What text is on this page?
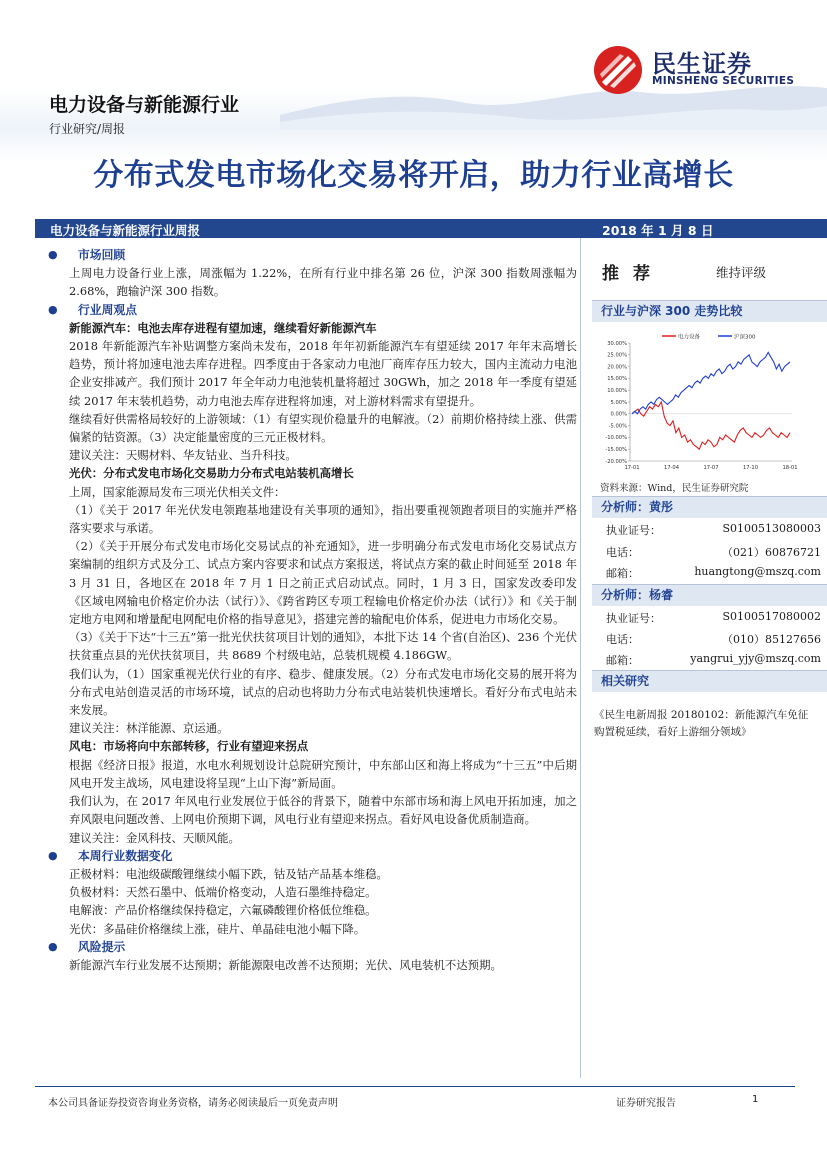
电力设备与新能源行业
行业研究/周报
民生证券
MINSHENG SECURITIES
分布式发电市场化交易将开启，助力行业高增长
电力设备与新能源行业周报	2018 年 1 月 8 日
● 市场回顾
上周电力设备行业上涨，周涨幅为 1.22%，在所有行业中排名第 26 位，沪深 300 指数周涨幅为 2.68%，跑输沪深 300 指数。
● 行业周观点
新能源汽车：电池去库存进程有望加速，继续看好新能源汽车
2018 年新能源汽车补贴调整方案尚未发布，2018 年年初新能源汽车有望延续 2017 年年末高增长趋势，预计将加速电池去库存进程。四季度由于各家动力电池厂商库存压力较大，国内主流动力电池企业安排减产。我们预计 2017 年全年动力电池装机量将超过 30GWh，加之 2018 年一季度有望延续 2017 年末装机趋势，动力电池去库存进程将加速，对上游材料需求有望提升。
继续看好供需格局较好的上游领域：（1）有望实现价稳量升的电解液。（2）前期价格持续上涨、供需偏紧的钴资源。（3）决定能量密度的三元正极材料。
建议关注：天赐材料、华友钴业、当升科技。
光伏：分布式发电市场化交易助力分布式电站装机高增长
上周，国家能源局发布三项光伏相关文件：
（1）《关于 2017 年光伏发电领跑基地建设有关事项的通知》，指出要重视领跑者项目的实施并严格落实要求与承诺。
（2）《关于开展分布式发电市场化交易试点的补充通知》，进一步明确分布式发电市场化交易试点方案编制的组织方式及分工、试点方案内容要求和试点方案报送，将试点方案的截止时间延至 2018 年 3 月 31 日，各地区在 2018 年 7 月 1 日之前正式启动试点。同时，1 月 3 日，国家发改委印发《区域电网输电价格定价办法（试行）》、《跨省跨区专项工程输电价格定价办法（试行）》和《关于制定地方电网和增量配电网配电价格的指导意见》，搭建完善的输配电价体系，促进电力市场化交易。
（3）《关于下达“十三五”第一批光伏扶贫项目计划的通知》，本批下达 14 个省(自治区)、236 个光伏扶贫重点县的光伏扶贫项目，共 8689 个村级电站，总装机规模 4.186GW。
我们认为，（1）国家重视光伏行业的有序、稳步、健康发展。（2）分布式发电市场化交易的展开将为分布式电站创造灵活的市场环境，试点的启动也将助力分布式电站装机快速增长。看好分布式电站未来发展。
建议关注：林洋能源、京运通。
风电：市场将向中东部转移，行业有望迎来拐点
根据《经济日报》报道，水电水利规划设计总院研究预计，中东部山区和海上将成为“十三五”中后期风电开发主战场，风电建设将呈现“上山下海”新局面。
我们认为，在 2017 年风电行业发展位于低谷的背景下，随着中东部市场和海上风电开拓加速，加之弃风限电问题改善、上网电价预期下调，风电行业有望迎来拐点。看好风电设备优质制造商。
建议关注：金风科技、天顺风能。
● 本周行业数据变化
正极材料：电池级碳酸锂继续小幅下跌，钴及钴产品基本维稳。
负极材料：天然石墨中、低端价格变动，人造石墨维持稳定。
电解液：产品价格继续保持稳定，六氟磷酸锂价格低位维稳。
光伏：多晶硅价格继续上涨，硅片、单晶硅电池小幅下降。
● 风险提示
新能源汽车行业发展不达预期；新能源限电改善不达预期；光伏、风电装机不达预期。
推荐	维持评级
行业与沪深 300 走势比较
电力设备	沪深300
30.00%
25.00%
20.00%
15.00%
10.00%
5.00%
0.00%
-5.00%
-10.00%
-15.00%
-20.00%
17-01	17-04	17-07	17-10	18-01
资料来源：Wind，民生证券研究院
分析师：黄彤
执业证号：	S0100513080003
电话：	（021）60876721
邮箱：	huangtong@mszq.com
分析师：杨睿
执业证号：	S0100517080002
电话：	（010）85127656
邮箱：	yangrui_yjy@mszq.com
相关研究
《民生电新周报 20180102：新能源汽车免征购置税延续，看好上游细分领域》
本公司具备证券投资咨询业务资格，请务必阅读最后一页免责声明	证券研究报告	1
